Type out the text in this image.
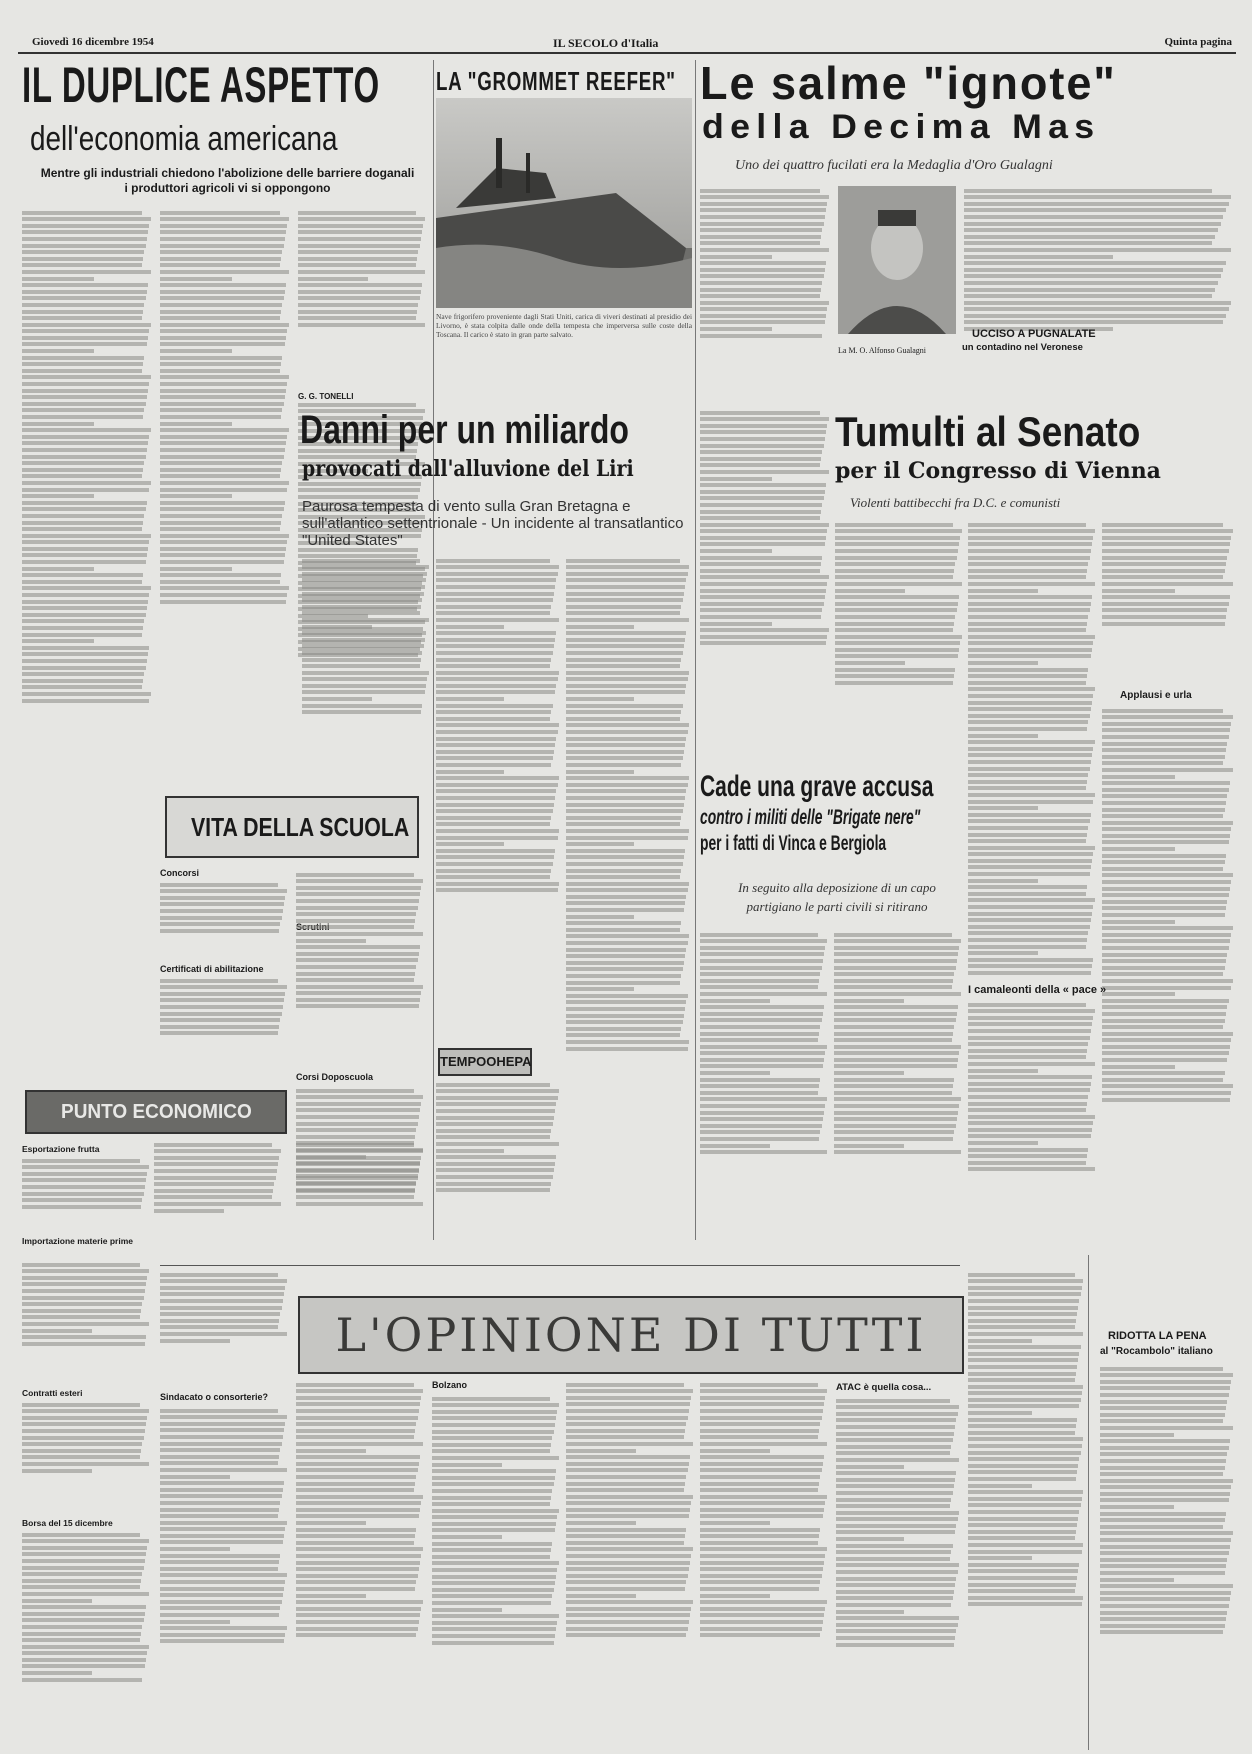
Giovedì 16 dicembre 1954	IL SECOLO d'Italia	Quinta pagina
IL DUPLICE ASPETTO
dell'economia americana
Mentre gli industriali chiedono l'abolizione delle barriere doganali i produttori agricoli vi si oppongono
G. G. TONELLI
LA "GROMMET REEFER"
Nave frigorifero proveniente dagli Stati Uniti, carica di viveri destinati al presidio dei Livorno, è stata colpita dalle onde della tempesta che imperversa sulle coste della Toscana. Il carico è stato in gran parte salvato.
Le salme "ignote"
della Decima Mas
Uno dei quattro fucilati era la Medaglia d'Oro Gualagni
La M. O. Alfonso Gualagni
UCCISO A PUGNALATE
un contadino nel Veronese
Danni per un miliardo
provocati dall'alluvione del Liri
Paurosa tempesta di vento sulla Gran Bretagna e sull'atlantico settentrionale - Un incidente al transatlantico "United States"
Tumulti al Senato
per il Congresso di Vienna
Violenti battibecchi fra D.C. e comunisti
Applausi e urla
I camaleonti della « pace »
Cade una grave accusa
contro i militi delle "Brigate nere"
per i fatti di Vinca e Bergiola
In seguito alla deposizione di un capo partigiano le parti civili si ritirano
VITA DELLA SCUOLA
Concorsi
Certificati di abilitazione
Corsi Doposcuola
TEMPOOHEPA
PUNTO ECONOMICO
Esportazione frutta
Importazione materie prime
Contratti esteri
Borsa del 15 dicembre
L'OPINIONE DI TUTTI
Sindacato o consorterie?
Bolzano	ATAC è quella cosa...
RIDOTTA LA PENA
al "Rocambolo" italiano
